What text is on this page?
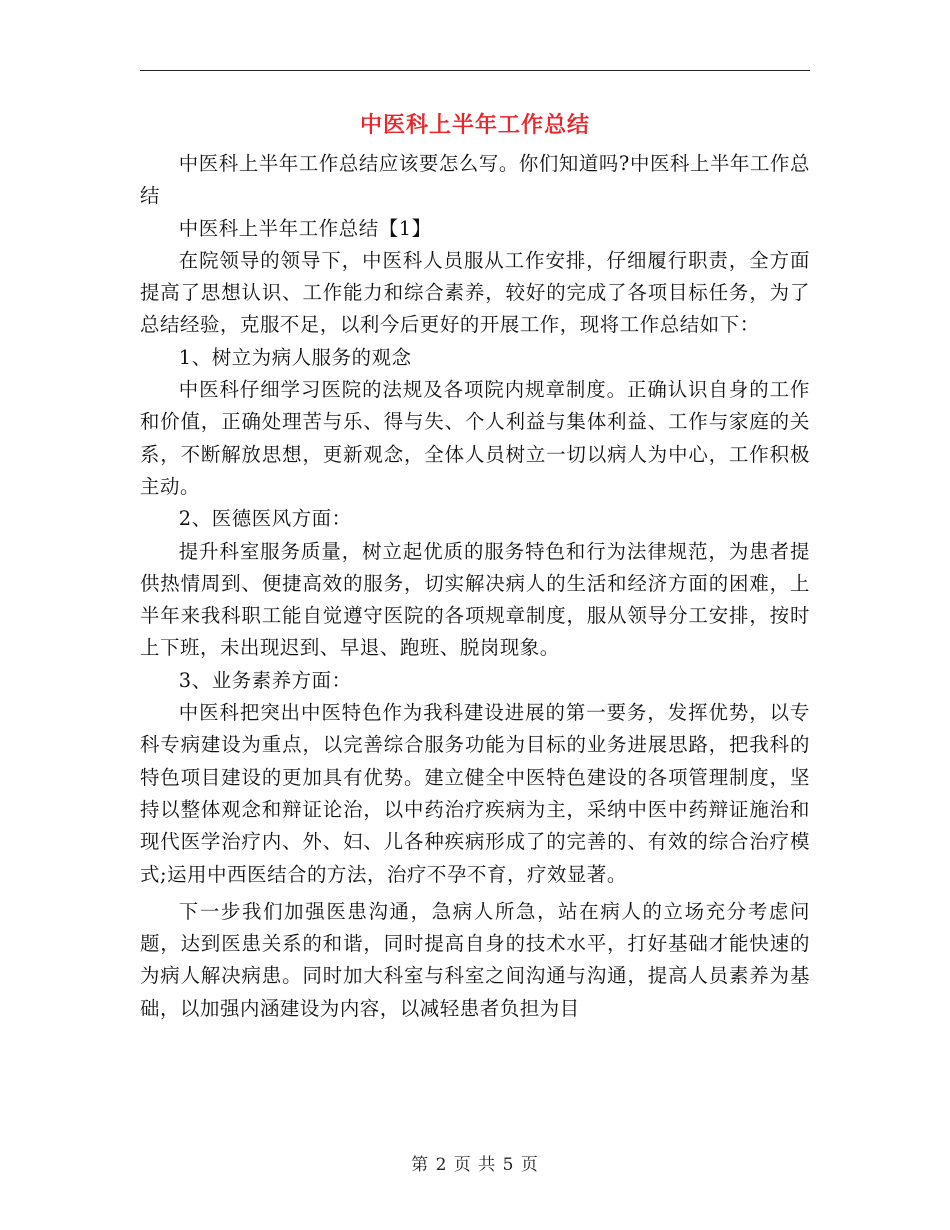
中医科上半年工作总结

中医科上半年工作总结应该要怎么写。你们知道吗?中医科上半年工作总结

中医科上半年工作总结【1】

在院领导的领导下，中医科人员服从工作安排，仔细履行职责，全方面提高了思想认识、工作能力和综合素养，较好的完成了各项目标任务，为了总结经验，克服不足，以利今后更好的开展工作，现将工作总结如下：

1、树立为病人服务的观念

中医科仔细学习医院的法规及各项院内规章制度。正确认识自身的工作和价值，正确处理苦与乐、得与失、个人利益与集体利益、工作与家庭的关系，不断解放思想，更新观念，全体人员树立一切以病人为中心，工作积极主动。

2、医德医风方面：

提升科室服务质量，树立起优质的服务特色和行为法律规范，为患者提供热情周到、便捷高效的服务，切实解决病人的生活和经济方面的困难，上半年来我科职工能自觉遵守医院的各项规章制度，服从领导分工安排，按时上下班，未出现迟到、早退、跑班、脱岗现象。

3、业务素养方面：

中医科把突出中医特色作为我科建设进展的第一要务，发挥优势，以专科专病建设为重点，以完善综合服务功能为目标的业务进展思路，把我科的特色项目建设的更加具有优势。建立健全中医特色建设的各项管理制度，坚持以整体观念和辩证论治，以中药治疗疾病为主，采纳中医中药辩证施治和现代医学治疗内、外、妇、儿各种疾病形成了的完善的、有效的综合治疗模式;运用中西医结合的方法，治疗不孕不育，疗效显著。

下一步我们加强医患沟通，急病人所急，站在病人的立场充分考虑问题，达到医患关系的和谐，同时提高自身的技术水平，打好基础才能快速的为病人解决病患。同时加大科室与科室之间沟通与沟通，提高人员素养为基础，以加强内涵建设为内容，以减轻患者负担为目

第 2 页 共 5 页
